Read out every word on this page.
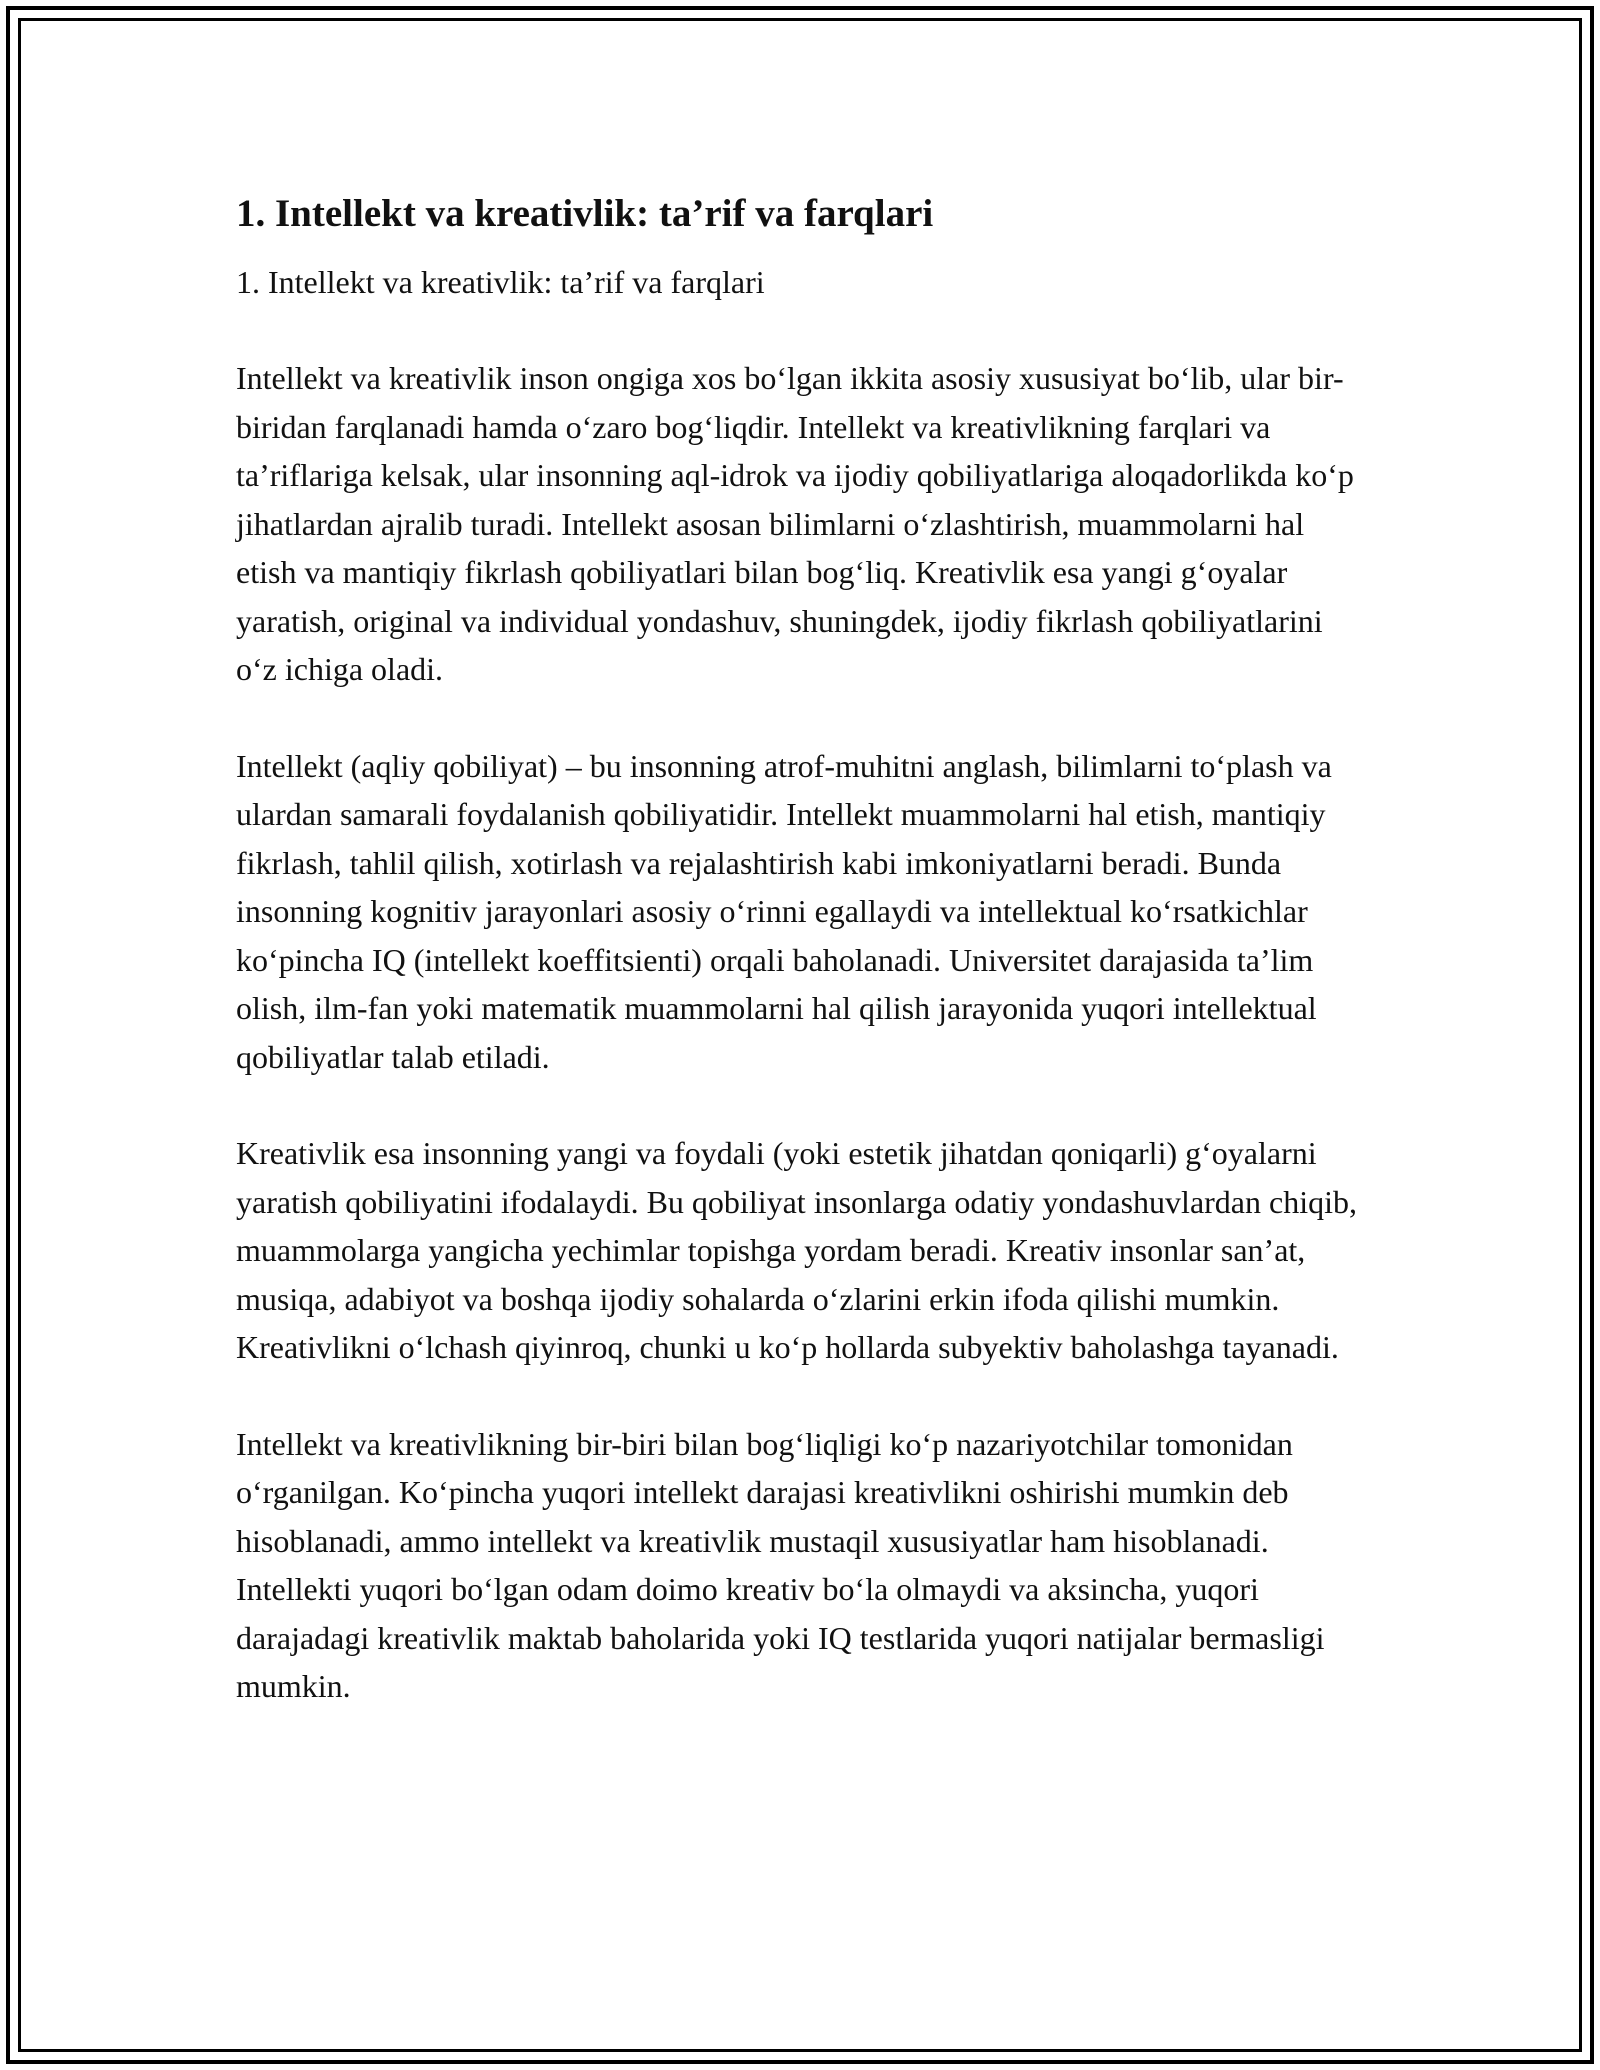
1. Intellekt va kreativlik: ta’rif va farqlari

1. Intellekt va kreativlik: ta’rif va farqlari

Intellekt va kreativlik inson ongiga xos bo‘lgan ikkita asosiy xususiyat bo‘lib, ular bir-biridan farqlanadi hamda o‘zaro bog‘liqdir. Intellekt va kreativlikning farqlari va ta’riflariga kelsak, ular insonning aql-idrok va ijodiy qobiliyatlariga aloqadorlikda ko‘p jihatlardan ajralib turadi. Intellekt asosan bilimlarni o‘zlashtirish, muammolarni hal etish va mantiqiy fikrlash qobiliyatlari bilan bog‘liq. Kreativlik esa yangi g‘oyalar yaratish, original va individual yondashuv, shuningdek, ijodiy fikrlash qobiliyatlarini o‘z ichiga oladi.

Intellekt (aqliy qobiliyat) – bu insonning atrof-muhitni anglash, bilimlarni to‘plash va ulardan samarali foydalanish qobiliyatidir. Intellekt muammolarni hal etish, mantiqiy fikrlash, tahlil qilish, xotirlash va rejalashtirish kabi imkoniyatlarni beradi. Bunda insonning kognitiv jarayonlari asosiy o‘rinni egallaydi va intellektual ko‘rsatkichlar ko‘pincha IQ (intellekt koeffitsienti) orqali baholanadi. Universitet darajasida ta’lim olish, ilm-fan yoki matematik muammolarni hal qilish jarayonida yuqori intellektual qobiliyatlar talab etiladi.

Kreativlik esa insonning yangi va foydali (yoki estetik jihatdan qoniqarli) g‘oyalarni yaratish qobiliyatini ifodalaydi. Bu qobiliyat insonlarga odatiy yondashuvlardan chiqib, muammolarga yangicha yechimlar topishga yordam beradi. Kreativ insonlar san’at, musiqa, adabiyot va boshqa ijodiy sohalarda o‘zlarini erkin ifoda qilishi mumkin. Kreativlikni o‘lchash qiyinroq, chunki u ko‘p hollarda subyektiv baholashga tayanadi.

Intellekt va kreativlikning bir-biri bilan bog‘liqligi ko‘p nazariyotchilar tomonidan o‘rganilgan. Ko‘pincha yuqori intellekt darajasi kreativlikni oshirishi mumkin deb hisoblanadi, ammo intellekt va kreativlik mustaqil xususiyatlar ham hisoblanadi. Intellekti yuqori bo‘lgan odam doimo kreativ bo‘la olmaydi va aksincha, yuqori darajadagi kreativlik maktab baholarida yoki IQ testlarida yuqori natijalar bermasligi mumkin.
